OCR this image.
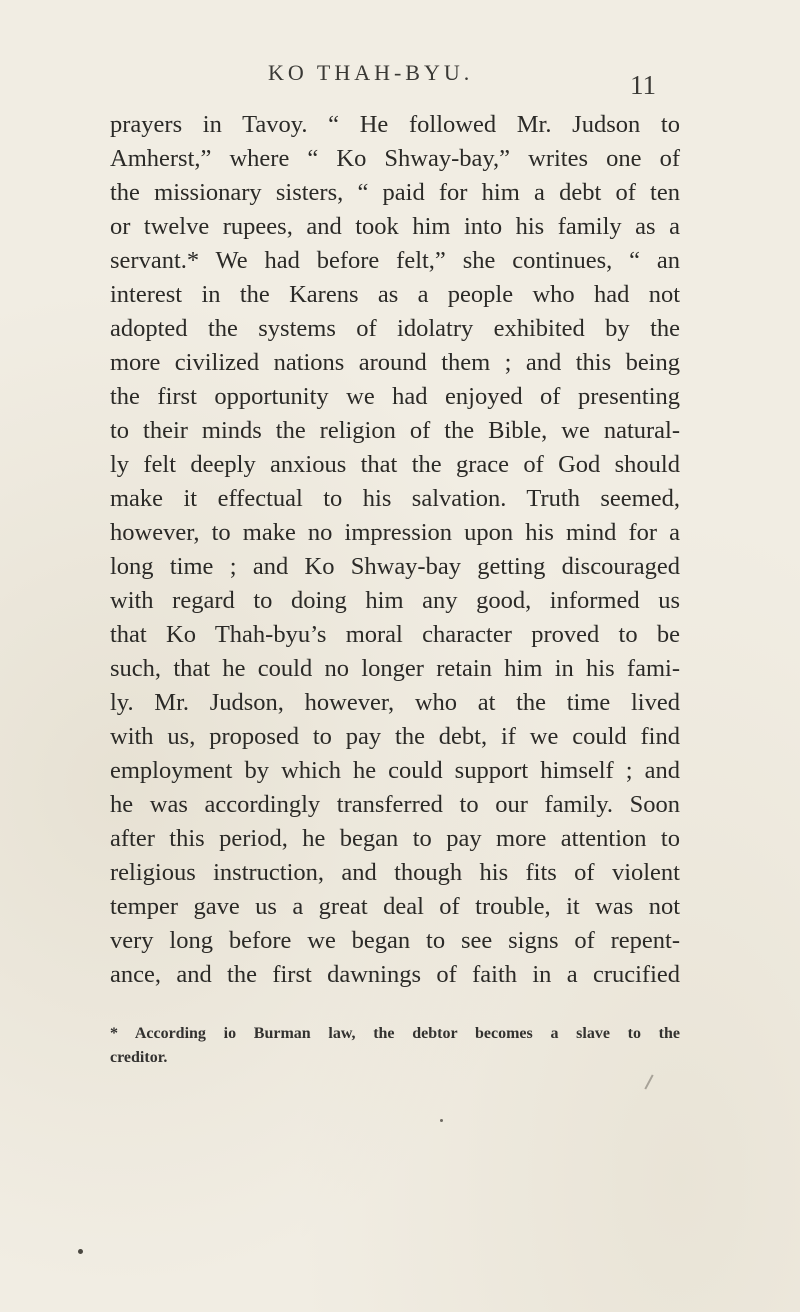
KO THAH-BYU.	11
prayers in Tavoy. “ He followed Mr. Judson to
Amherst,” where “ Ko Shway-bay,” writes one of
the missionary sisters, “ paid for him a debt of ten
or twelve rupees, and took him into his family as a
servant.* We had before felt,” she continues, “ an
interest in the Karens as a people who had not
adopted the systems of idolatry exhibited by the
more civilized nations around them ; and this being
the first opportunity we had enjoyed of presenting
to their minds the religion of the Bible, we natural-
ly felt deeply anxious that the grace of God should
make it effectual to his salvation. Truth seemed,
however, to make no impression upon his mind for a
long time ; and Ko Shway-bay getting discouraged
with regard to doing him any good, informed us
that Ko Thah-byu’s moral character proved to be
such, that he could no longer retain him in his fami-
ly. Mr. Judson, however, who at the time lived
with us, proposed to pay the debt, if we could find
employment by which he could support himself ; and
he was accordingly transferred to our family. Soon
after this period, he began to pay more attention to
religious instruction, and though his fits of violent
temper gave us a great deal of trouble, it was not
very long before we began to see signs of repent-
ance, and the first dawnings of faith in a crucified
* According io Burman law, the debtor becomes a slave to the
creditor.
